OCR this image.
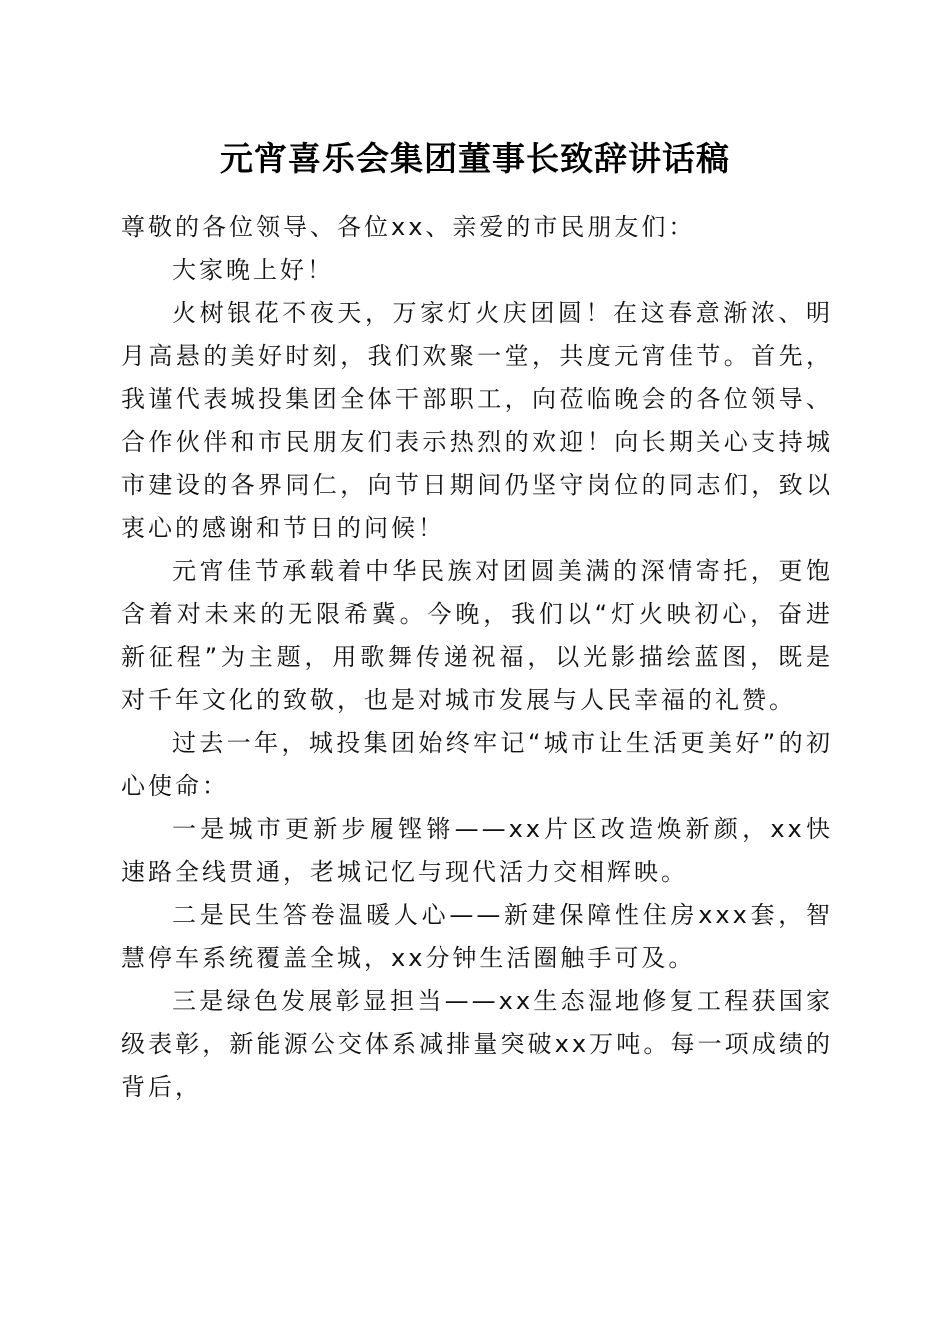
元宵喜乐会集团董事长致辞讲话稿

尊敬的各位领导、各位xx、亲爱的市民朋友们：

大家晚上好！

火树银花不夜天，万家灯火庆团圆！在这春意渐浓、明月高悬的美好时刻，我们欢聚一堂，共度元宵佳节。首先，我谨代表城投集团全体干部职工，向莅临晚会的各位领导、合作伙伴和市民朋友们表示热烈的欢迎！向长期关心支持城市建设的各界同仁，向节日期间仍坚守岗位的同志们，致以衷心的感谢和节日的问候！

元宵佳节承载着中华民族对团圆美满的深情寄托，更饱含着对未来的无限希冀。今晚，我们以“灯火映初心，奋进新征程”为主题，用歌舞传递祝福，以光影描绘蓝图，既是对千年文化的致敬，也是对城市发展与人民幸福的礼赞。

过去一年，城投集团始终牢记“城市让生活更美好”的初心使命：

一是城市更新步履铿锵——xx片区改造焕新颜，xx快速路全线贯通，老城记忆与现代活力交相辉映。

二是民生答卷温暖人心——新建保障性住房xxx套，智慧停车系统覆盖全城，xx分钟生活圈触手可及。

三是绿色发展彰显担当——xx生态湿地修复工程获国家级表彰，新能源公交体系减排量突破xx万吨。每一项成绩的背后，
